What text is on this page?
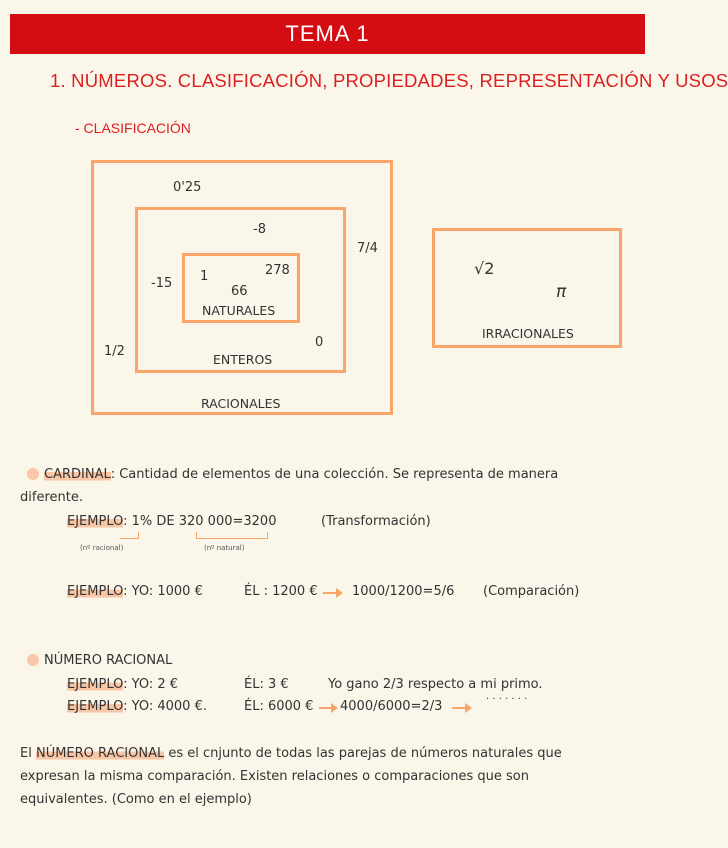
TEMA 1
1. NÚMEROS. CLASIFICACIÓN, PROPIEDADES, REPRESENTACIÓN Y USOS
- CLASIFICACIÓN
0'25
7/4
1/2
-8
-15
0
1	278
66
√2
π
NATURALES
ENTEROS
RACIONALES
IRRACIONALES
CARDINAL: Cantidad de elementos de una colección. Se representa de manera
diferente.
EJEMPLO: 1% DE 320 000=3200	(Transformación)
(nº racional)	(nº natural)
EJEMPLO: YO: 1000 €	ÉL : 1200 €	1000/1200=5/6 (Comparación)
NÚMERO RACIONAL
EJEMPLO: YO: 2 €	ÉL: 3 €	Yo gano 2/3 respecto a mi primo.
EJEMPLO: YO: 4000 €.	ÉL: 6000 € 4000/6000=2/3	· · · · · · ·
El NÚMERO RACIONAL es el cnjunto de todas las parejas de números naturales que
expresan la misma comparación. Existen relaciones o comparaciones que son
equivalentes. (Como en el ejemplo)
